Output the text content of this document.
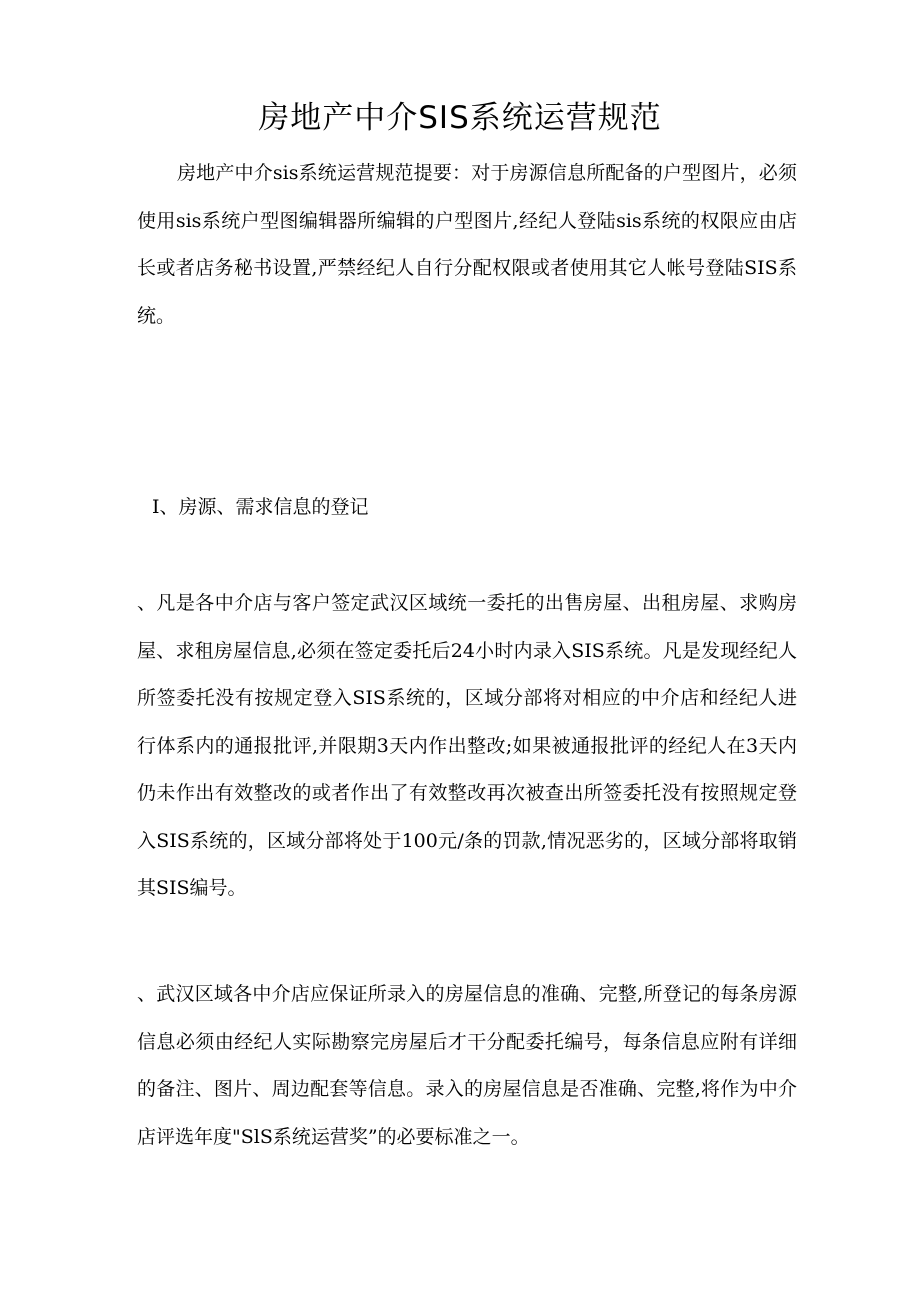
房地产中介SIS系统运营规范

房地产中介sis系统运营规范提要：对于房源信息所配备的户型图片，必须使用sis系统户型图编辑器所编辑的户型图片,经纪人登陆sis系统的权限应由店长或者店务秘书设置,严禁经纪人自行分配权限或者使用其它人帐号登陆SIS系统。

I、房源、需求信息的登记

、凡是各中介店与客户签定武汉区域统一委托的出售房屋、出租房屋、求购房屋、求租房屋信息,必须在签定委托后24小时内录入SIS系统。凡是发现经纪人所签委托没有按规定登入SIS系统的，区域分部将对相应的中介店和经纪人进行体系内的通报批评,并限期3天内作出整改;如果被通报批评的经纪人在3天内仍未作出有效整改的或者作出了有效整改再次被查出所签委托没有按照规定登入SIS系统的，区域分部将处于100元/条的罚款,情况恶劣的，区域分部将取销其SIS编号。

、武汉区域各中介店应保证所录入的房屋信息的准确、完整,所登记的每条房源信息必须由经纪人实际勘察完房屋后才干分配委托编号，每条信息应附有详细的备注、图片、周边配套等信息。录入的房屋信息是否准确、完整,将作为中介店评选年度"SlS系统运营奖”的必要标准之一。
